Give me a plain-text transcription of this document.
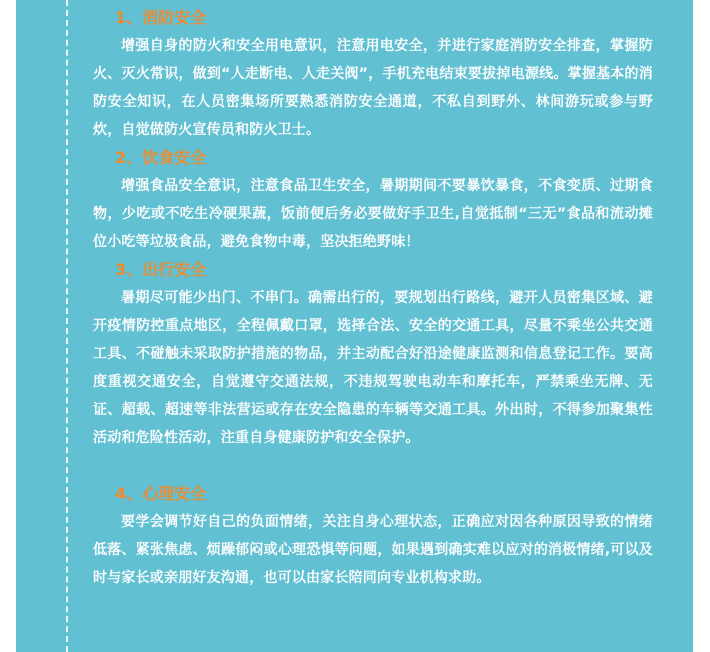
1、消防安全
增强自身的防火和安全用电意识，注意用电安全，并进行家庭消防安全排查，掌握防火、灭火常识，做到“人走断电、人走关阀”，手机充电结束要拔掉电源线。掌握基本的消防安全知识，在人员密集场所要熟悉消防安全通道，不私自到野外、林间游玩或参与野炊，自觉做防火宣传员和防火卫士。
2、饮食安全
增强食品安全意识，注意食品卫生安全，暑期期间不要暴饮暴食，不食变质、过期食物，少吃或不吃生冷硬果蔬，饭前便后务必要做好手卫生,自觉抵制“三无”食品和流动摊位小吃等垃圾食品，避免食物中毒，坚决拒绝野味！
3、出行安全
暑期尽可能少出门、不串门。确需出行的，要规划出行路线，避开人员密集区域、避开疫情防控重点地区，全程佩戴口罩，选择合法、安全的交通工具，尽量不乘坐公共交通工具、不碰触未采取防护措施的物品，并主动配合好沿途健康监测和信息登记工作。要高度重视交通安全，自觉遵守交通法规，不违规驾驶电动车和摩托车，严禁乘坐无牌、无证、超载、超速等非法营运或存在安全隐患的车辆等交通工具。外出时，不得参加聚集性活动和危险性活动，注重自身健康防护和安全保护。
4、心理安全
要学会调节好自己的负面情绪，关注自身心理状态，正确应对因各种原因导致的情绪低落、紧张焦虑、烦躁郁闷或心理恐惧等问题，如果遇到确实难以应对的消极情绪,可以及时与家长或亲朋好友沟通，也可以由家长陪同向专业机构求助。
